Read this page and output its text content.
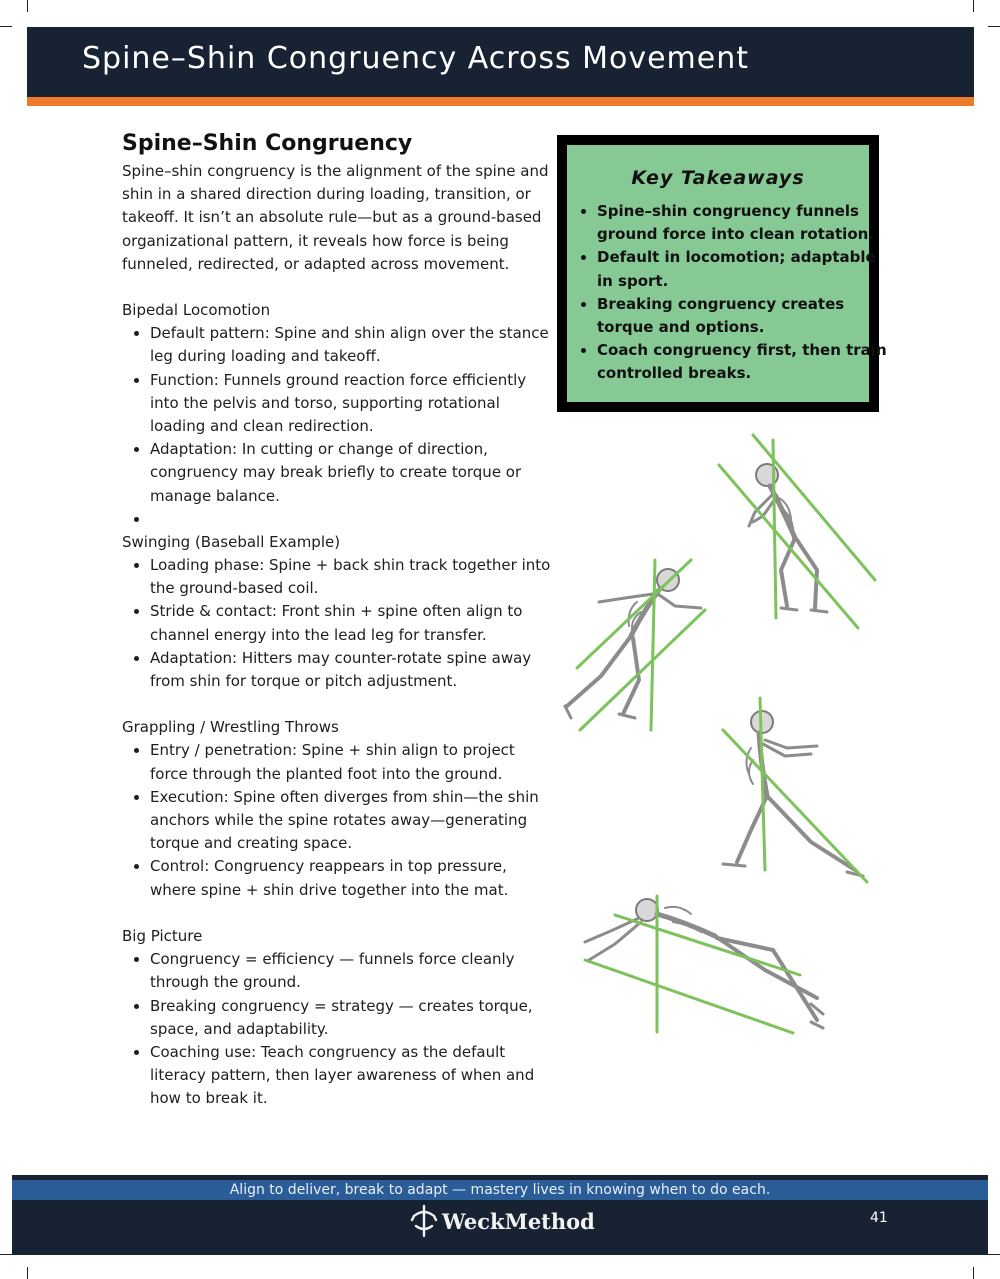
Spine–Shin Congruency Across Movement
Spine–Shin Congruency

Spine–shin congruency is the alignment of the spine and shin in a shared direction during loading, transition, or takeoff. It isn’t an absolute rule—but as a ground-based organizational pattern, it reveals how force is being funneled, redirected, or adapted across movement.

Bipedal Locomotion
• Default pattern: Spine and shin align over the stance leg during loading and takeoff.
• Function: Funnels ground reaction force efficiently into the pelvis and torso, supporting rotational loading and clean redirection.
• Adaptation: In cutting or change of direction, congruency may break briefly to create torque or manage balance.
•
Swinging (Baseball Example)
• Loading phase: Spine + back shin track together into the ground-based coil.
• Stride & contact: Front shin + spine often align to channel energy into the lead leg for transfer.
• Adaptation: Hitters may counter-rotate spine away from shin for torque or pitch adjustment.
Grappling / Wrestling Throws
• Entry / penetration: Spine + shin align to project force through the planted foot into the ground.
• Execution: Spine often diverges from shin—the shin anchors while the spine rotates away—generating torque and creating space.
• Control: Congruency reappears in top pressure, where spine + shin drive together into the mat.
Big Picture
• Congruency = efficiency — funnels force cleanly through the ground.
• Breaking congruency = strategy — creates torque, space, and adaptability.
• Coaching use: Teach congruency as the default literacy pattern, then layer awareness of when and how to break it.
Key Takeaways
• Spine–shin congruency funnels ground force into clean rotation.
• Default in locomotion; adaptable in sport.
• Breaking congruency creates torque and options.
• Coach congruency first, then train controlled breaks.
Align to deliver, break to adapt — mastery lives in knowing when to do each.
WeckMethod	41
